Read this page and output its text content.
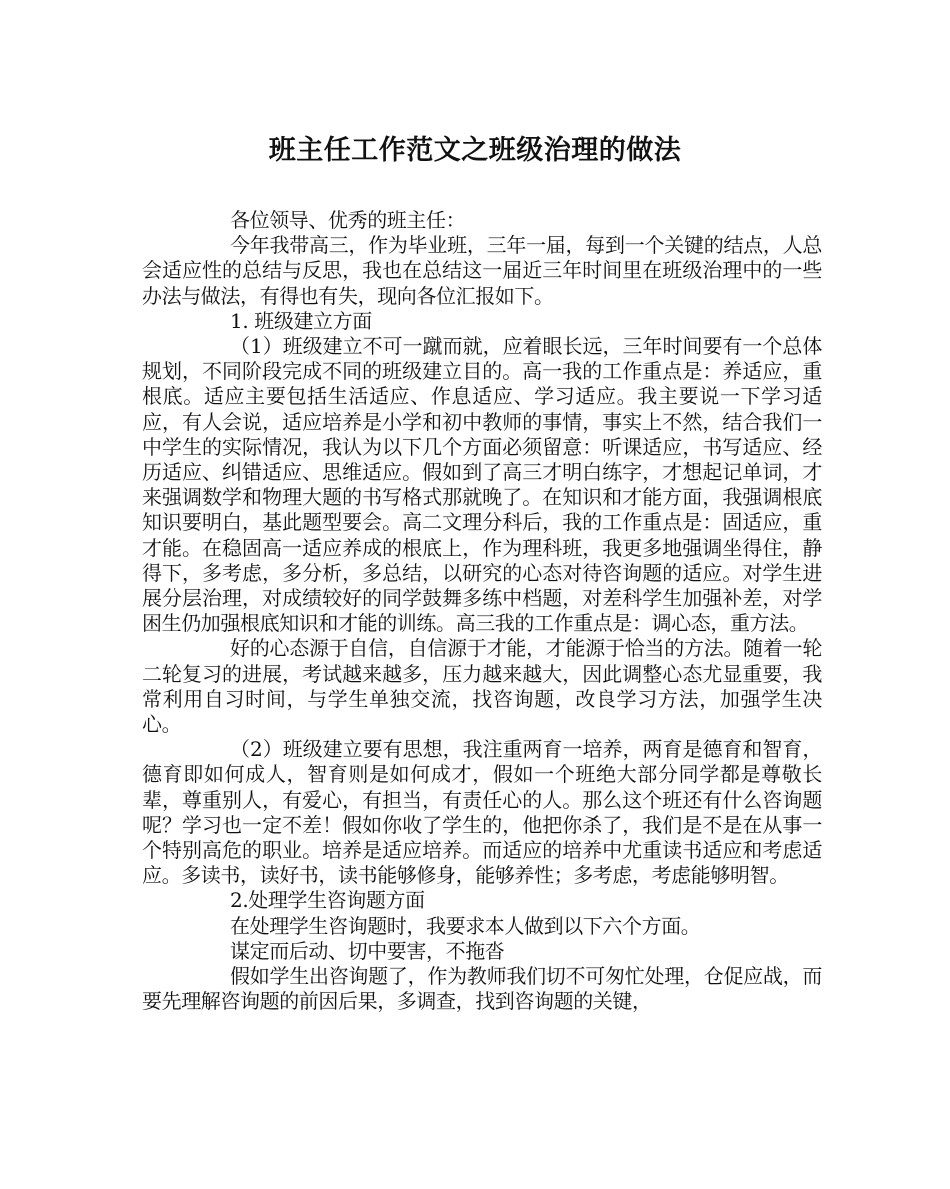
班主任工作范文之班级治理的做法

各位领导、优秀的班主任：

今年我带高三，作为毕业班，三年一届，每到一个关键的结点，人总会适应性的总结与反思，我也在总结这一届近三年时间里在班级治理中的一些办法与做法，有得也有失，现向各位汇报如下。

1. 班级建立方面

（1）班级建立不可一蹴而就，应着眼长远，三年时间要有一个总体规划，不同阶段完成不同的班级建立目的。高一我的工作重点是：养适应，重根底。适应主要包括生活适应、作息适应、学习适应。我主要说一下学习适应，有人会说，适应培养是小学和初中教师的事情，事实上不然，结合我们一中学生的实际情况，我认为以下几个方面必须留意：听课适应，书写适应、经历适应、纠错适应、思维适应。假如到了高三才明白练字，才想起记单词，才来强调数学和物理大题的书写格式那就晚了。在知识和才能方面，我强调根底知识要明白，基此题型要会。高二文理分科后，我的工作重点是：固适应，重才能。在稳固高一适应养成的根底上，作为理科班，我更多地强调坐得住，静得下，多考虑，多分析，多总结，以研究的心态对待咨询题的适应。对学生进展分层治理，对成绩较好的同学鼓舞多练中档题，对差科学生加强补差，对学困生仍加强根底知识和才能的训练。高三我的工作重点是：调心态，重方法。

好的心态源于自信，自信源于才能，才能源于恰当的方法。随着一轮二轮复习的进展，考试越来越多，压力越来越大，因此调整心态尤显重要，我常利用自习时间，与学生单独交流，找咨询题，改良学习方法，加强学生决心。

（2）班级建立要有思想，我注重两育一培养，两育是德育和智育，德育即如何成人，智育则是如何成才，假如一个班绝大部分同学都是尊敬长辈，尊重别人，有爱心，有担当，有责任心的人。那么这个班还有什么咨询题呢？学习也一定不差！假如你收了学生的，他把你杀了，我们是不是在从事一个特别高危的职业。培养是适应培养。而适应的培养中尤重读书适应和考虑适应。多读书，读好书，读书能够修身，能够养性；多考虑，考虑能够明智。

2.处理学生咨询题方面

在处理学生咨询题时，我要求本人做到以下六个方面。

谋定而后动、切中要害，不拖沓

假如学生出咨询题了，作为教师我们切不可匆忙处理，仓促应战，而要先理解咨询题的前因后果，多调查，找到咨询题的关键，
